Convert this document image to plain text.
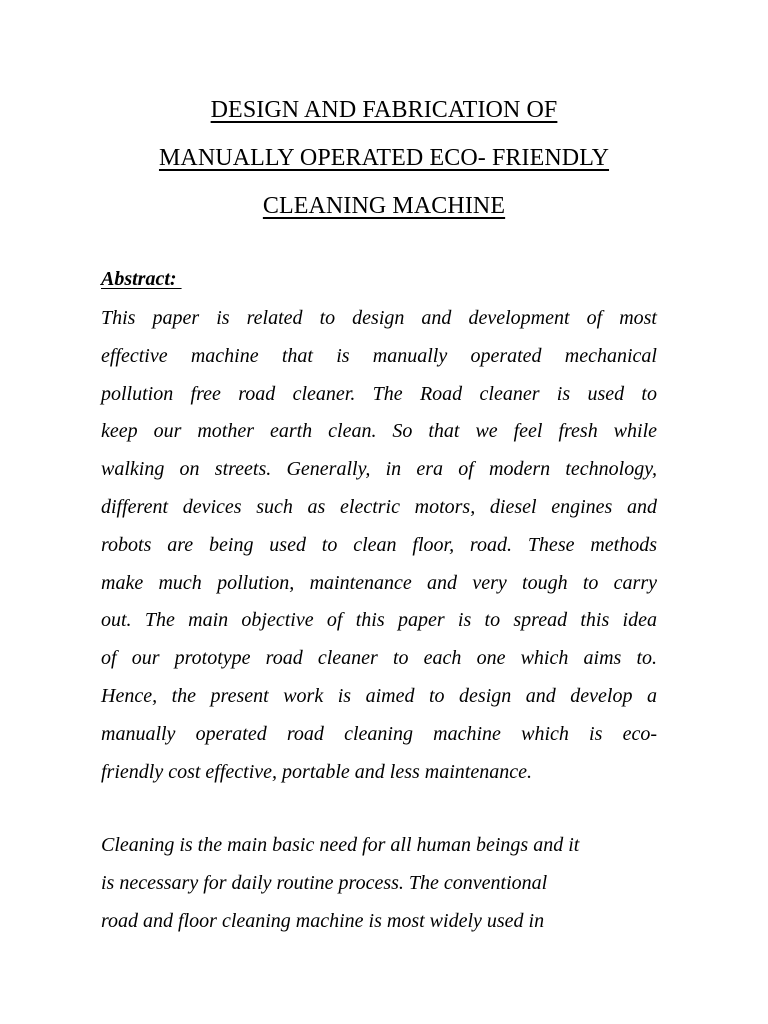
DESIGN AND FABRICATION OF
MANUALLY OPERATED ECO- FRIENDLY
CLEANING MACHINE
Abstract:
This paper is related to design and development of most
effective machine that is manually operated mechanical
pollution free road cleaner. The Road cleaner is used to
keep our mother earth clean. So that we feel fresh while
walking on streets. Generally, in era of modern technology,
different devices such as electric motors, diesel engines and
robots are being used to clean floor, road. These methods
make much pollution, maintenance and very tough to carry
out. The main objective of this paper is to spread this idea
of our prototype road cleaner to each one which aims to.
Hence, the present work is aimed to design and develop a
manually operated road cleaning machine which is eco-
friendly cost effective, portable and less maintenance.
Cleaning is the main basic need for all human beings and it
is necessary for daily routine process. The conventional
road and floor cleaning machine is most widely used in
